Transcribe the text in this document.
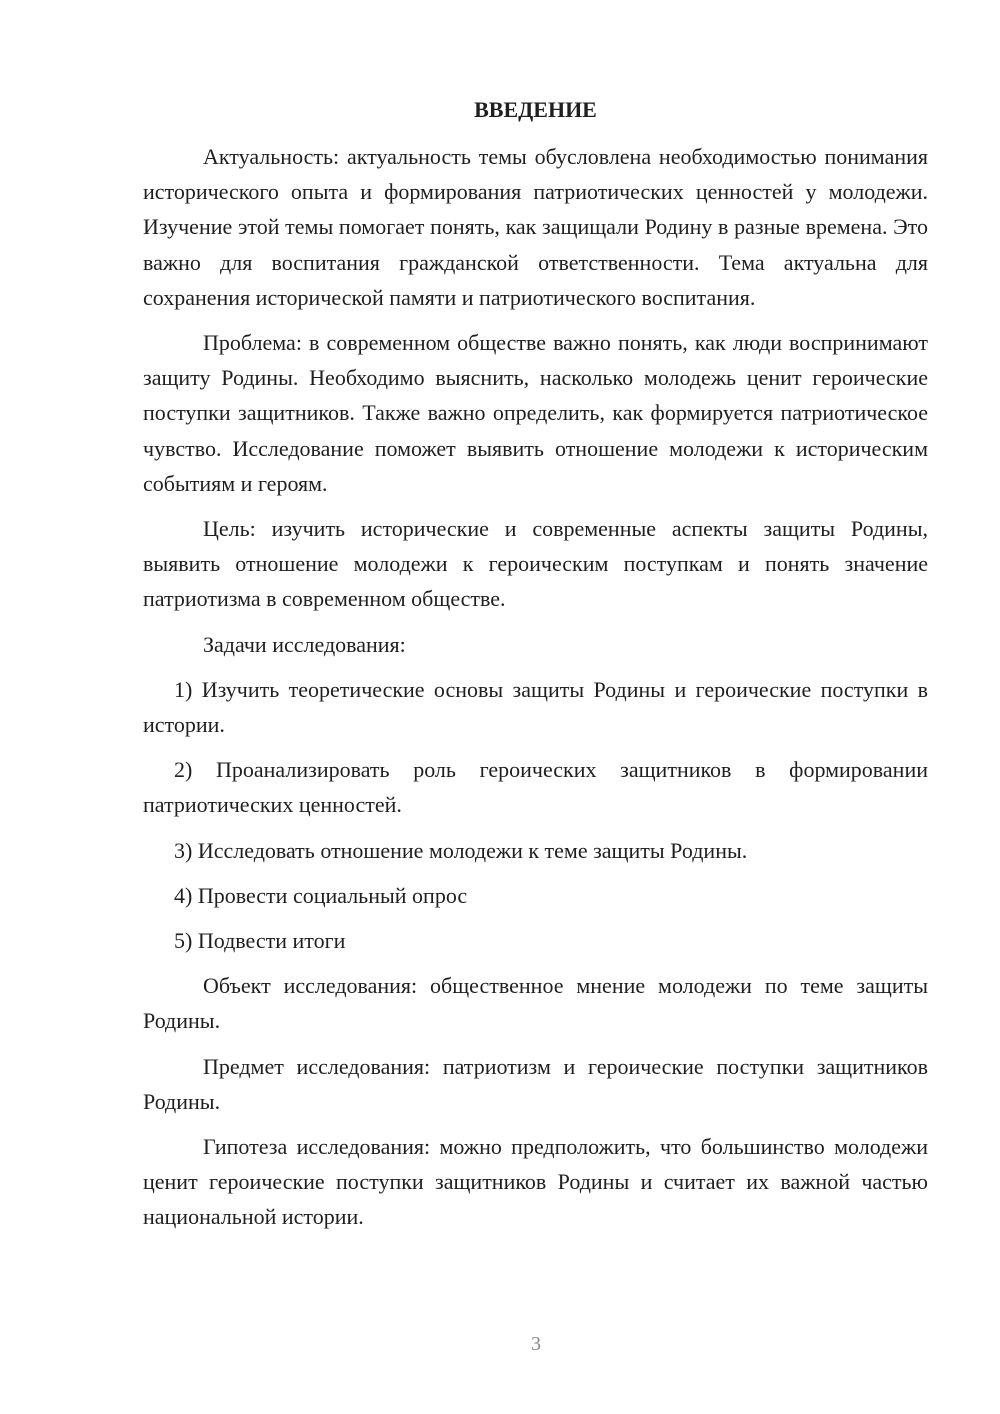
ВВЕДЕНИЕ

Актуальность: актуальность темы обусловлена необходимостью понимания исторического опыта и формирования патриотических ценностей у молодежи. Изучение этой темы помогает понять, как защищали Родину в разные времена. Это важно для воспитания гражданской ответственности. Тема актуальна для сохранения исторической памяти и патриотического воспитания.

Проблема: в современном обществе важно понять, как люди воспринимают защиту Родины. Необходимо выяснить, насколько молодежь ценит героические поступки защитников. Также важно определить, как формируется патриотическое чувство. Исследование поможет выявить отношение молодежи к историческим событиям и героям.

Цель: изучить исторические и современные аспекты защиты Родины, выявить отношение молодежи к героическим поступкам и понять значение патриотизма в современном обществе.

Задачи исследования:

1) Изучить теоретические основы защиты Родины и героические поступки в истории.

2) Проанализировать роль героических защитников в формировании патриотических ценностей.

3) Исследовать отношение молодежи к теме защиты Родины.

4) Провести социальный опрос

5) Подвести итоги

Объект исследования: общественное мнение молодежи по теме защиты Родины.

Предмет исследования: патриотизм и героические поступки защитников Родины.

Гипотеза исследования: можно предположить, что большинство молодежи ценит героические поступки защитников Родины и считает их важной частью национальной истории.

3
